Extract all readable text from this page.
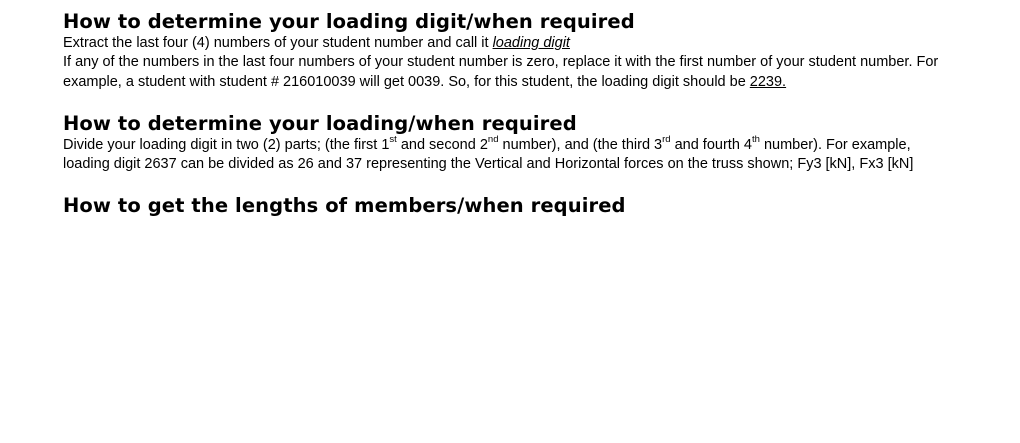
How to determine your loading digit/when required

Extract the last four (4) numbers of your student number and call it loading digit

If any of the numbers in the last four numbers of your student number is zero, replace it with the first number of your student number. For example, a student with student # 216010039 will get 0039. So, for this student, the loading digit should be 2239.

How to determine your loading/when required

Divide your loading digit in two (2) parts; (the first 1st and second 2nd number), and (the third 3rd and fourth 4th number). For example, loading digit 2637 can be divided as 26 and 37 representing the Vertical and Horizontal forces on the truss shown; Fy3 [kN], Fx3 [kN]

How to get the lengths of members/when required
